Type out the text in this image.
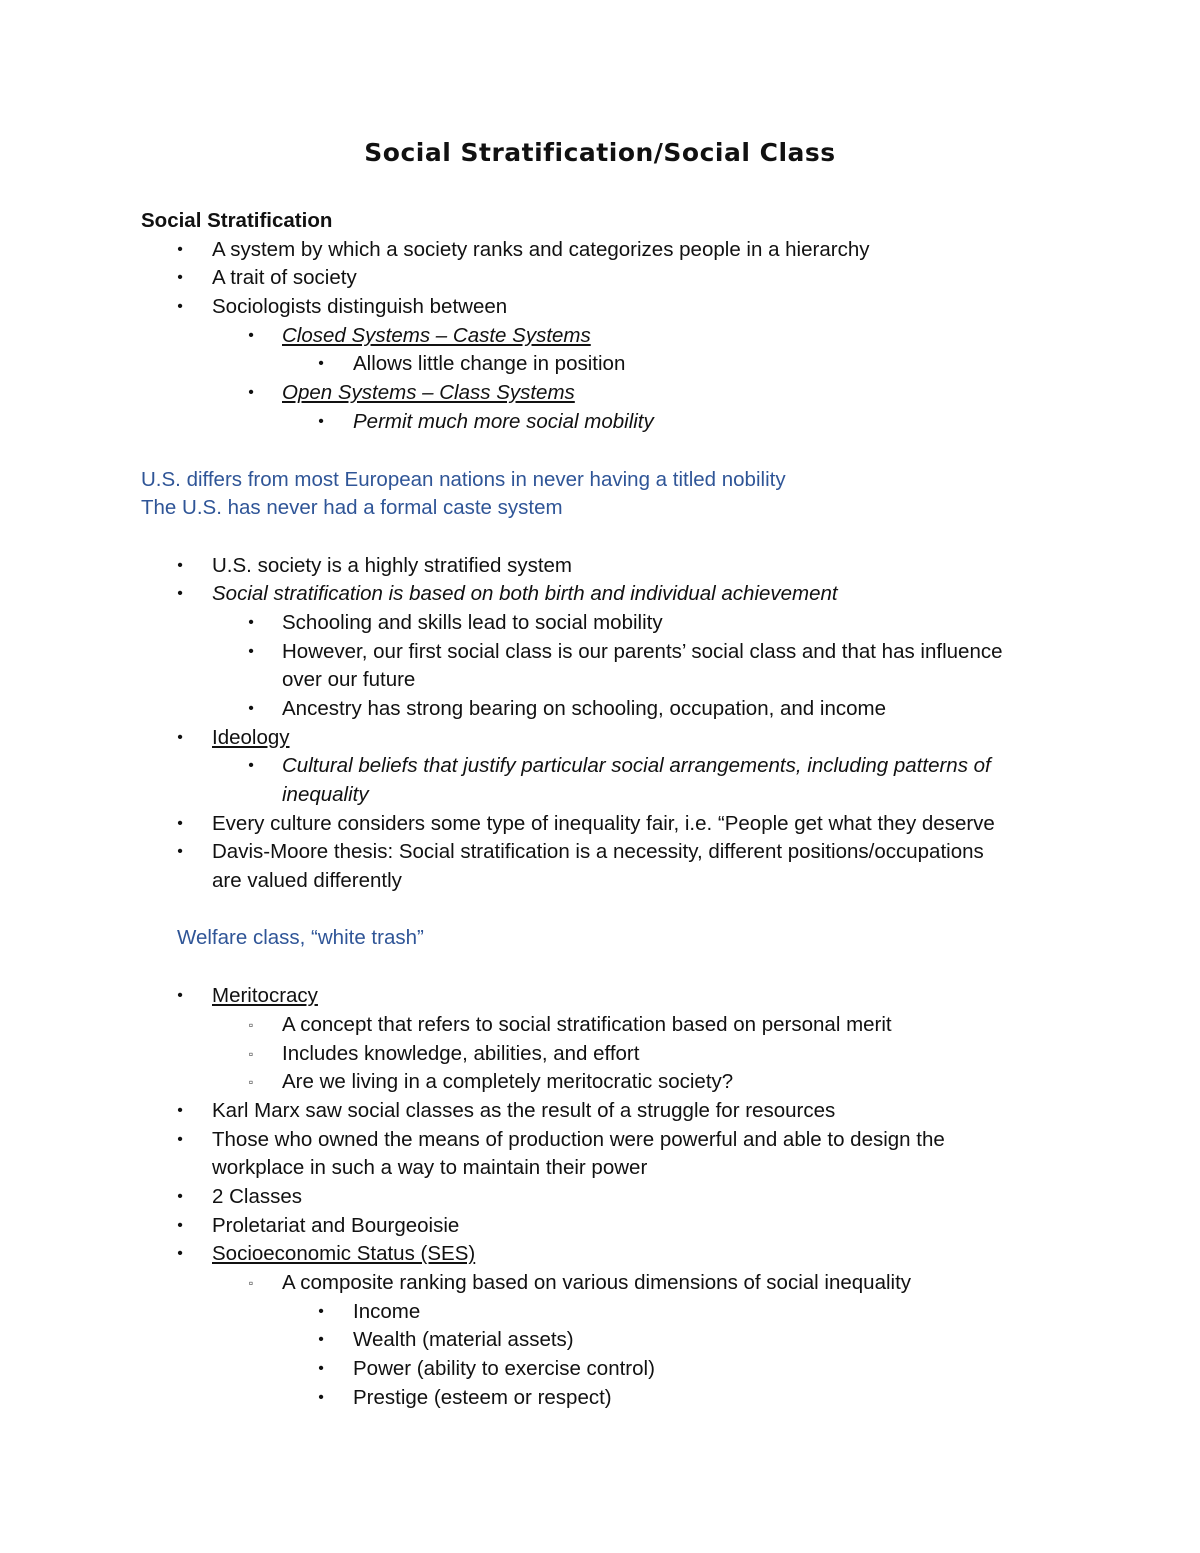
Social Stratification/Social Class
Social Stratification
•	A system by which a society ranks and categorizes people in a hierarchy
•	A trait of society
•	Sociologists distinguish between
•	Closed Systems – Caste Systems
•	Allows little change in position
•	Open Systems – Class Systems
•	Permit much more social mobility
U.S. differs from most European nations in never having a titled nobility
The U.S. has never had a formal caste system
•	U.S. society is a highly stratified system
•	Social stratification is based on both birth and individual achievement
•	Schooling and skills lead to social mobility
•	However, our first social class is our parents’ social class and that has influence
over our future
•	Ancestry has strong bearing on schooling, occupation, and income
•	Ideology
•	Cultural beliefs that justify particular social arrangements, including patterns of
inequality
•	Every culture considers some type of inequality fair, i.e. “People get what they deserve
•	Davis-Moore thesis: Social stratification is a necessity, different positions/occupations
are valued differently
Welfare class, “white trash”
•	Meritocracy
▫	A concept that refers to social stratification based on personal merit
▫	Includes knowledge, abilities, and effort
▫	Are we living in a completely meritocratic society?
•	Karl Marx saw social classes as the result of a struggle for resources
•	Those who owned the means of production were powerful and able to design the
workplace in such a way to maintain their power
•	2 Classes
•	Proletariat and Bourgeoisie
•	Socioeconomic Status (SES)
▫	A composite ranking based on various dimensions of social inequality
•	Income
•	Wealth (material assets)
•	Power (ability to exercise control)
•	Prestige (esteem or respect)
